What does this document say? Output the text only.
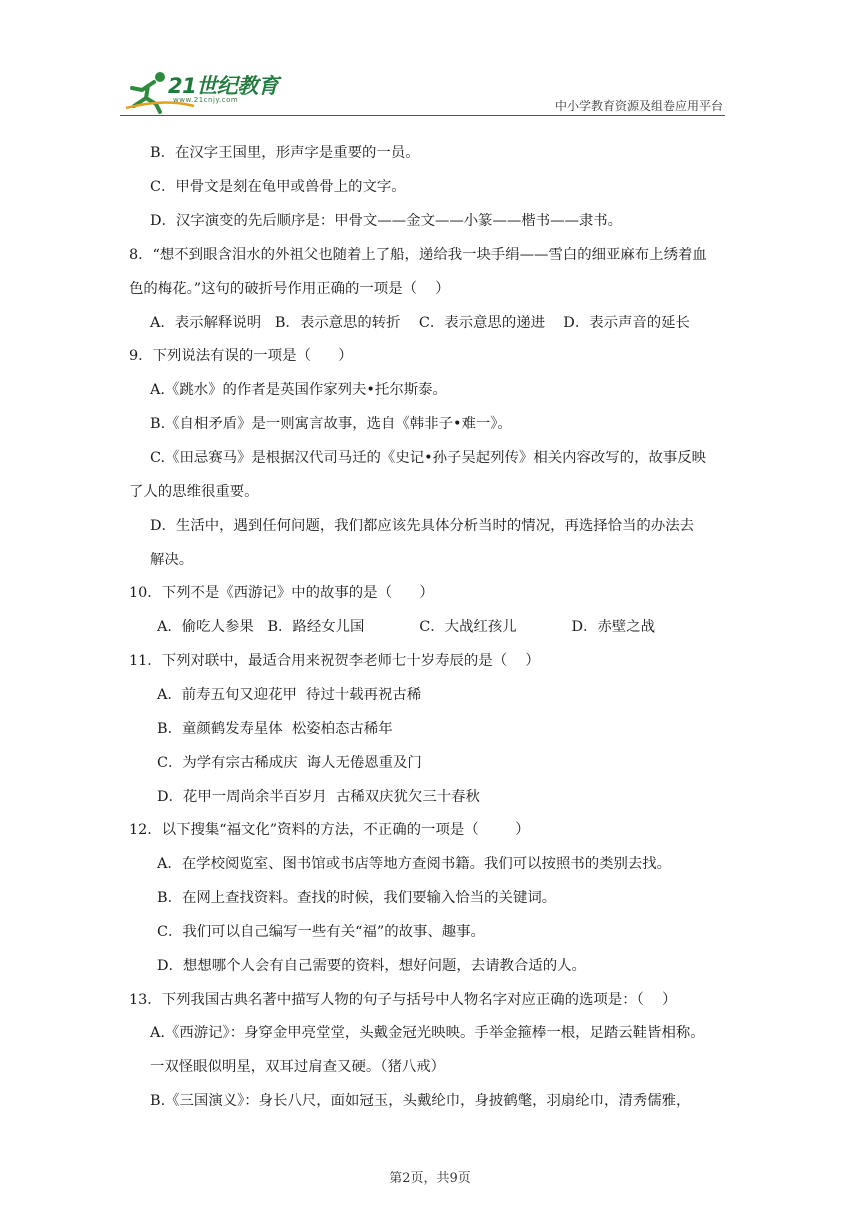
21世纪教育
www.21cnjy.com	中小学教育资源及组卷应用平台
B．在汉字王国里，形声字是重要的一员。
C．甲骨文是刻在龟甲或兽骨上的文字。
D．汉字演变的先后顺序是：甲骨文——金文——小篆——楷书——隶书。
8．“想不到眼含泪水的外祖父也随着上了船，递给我一块手绢——雪白的细亚麻布上绣着血
色的梅花。”这句的破折号作用正确的一项是（    ）
A．表示解释说明   B．表示意思的转折    C．表示意思的递进    D．表示声音的延长
9．下列说法有误的一项是（      ）
A.《跳水》的作者是英国作家列夫•托尔斯泰。
B.《自相矛盾》是一则寓言故事，选自《韩非子•难一》。
C.《田忌赛马》是根据汉代司马迁的《史记•孙子吴起列传》相关内容改写的，故事反映
了人的思维很重要。
D．生活中，遇到任何问题，我们都应该先具体分析当时的情况，再选择恰当的办法去
解决。
10．下列不是《西游记》中的故事的是（      ）
A．偷吃人参果   B．路经女儿国            C．大战红孩儿            D．赤壁之战
11．下列对联中，最适合用来祝贺李老师七十岁寿辰的是（    ）
A．前寿五旬又迎花甲  待过十载再祝古稀
B．童颜鹤发寿星体  松姿柏态古稀年
C．为学有宗古稀成庆  诲人无倦恩重及门
D．花甲一周尚余半百岁月  古稀双庆犹欠三十春秋
12．以下搜集“福文化”资料的方法，不正确的一项是（        ）
A．在学校阅览室、图书馆或书店等地方查阅书籍。我们可以按照书的类别去找。
B．在网上查找资料。查找的时候，我们要输入恰当的关键词。
C．我们可以自己编写一些有关“福”的故事、趣事。
D．想想哪个人会有自己需要的资料，想好问题，去请教合适的人。
13．下列我国古典名著中描写人物的句子与括号中人物名字对应正确的选项是：（    ）
A.《西游记》：身穿金甲亮堂堂，头戴金冠光映映。手举金箍棒一根，足踏云鞋皆相称。
一双怪眼似明星，双耳过肩查又硬。（猪八戒）
B.《三国演义》：身长八尺，面如冠玉，头戴纶巾，身披鹤氅，羽扇纶巾，清秀儒雅，
第2页，共9页
